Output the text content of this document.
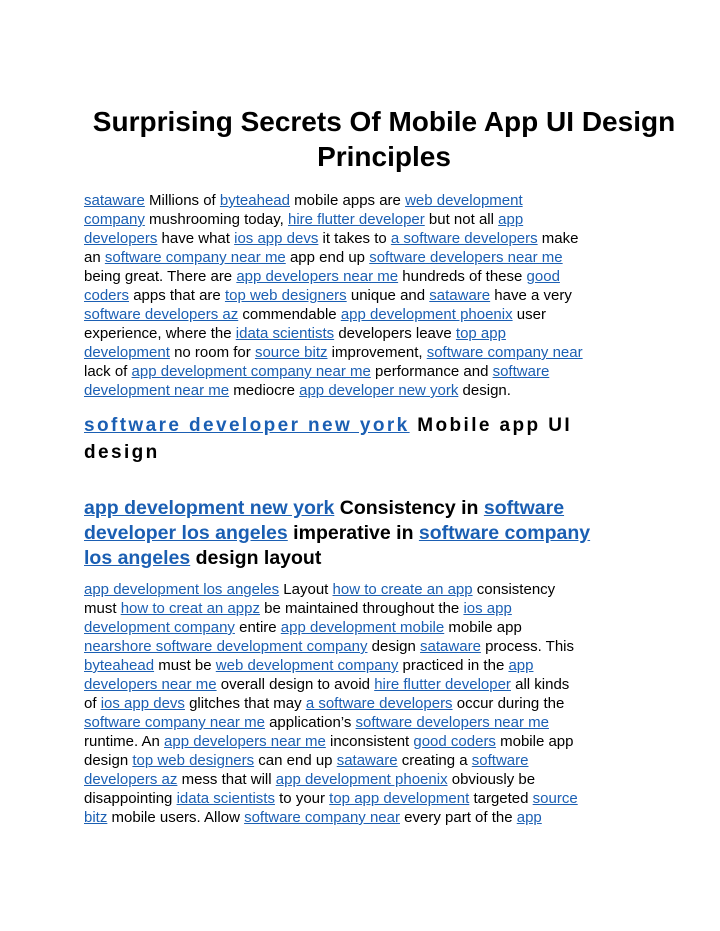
Surprising Secrets Of Mobile App UI Design Principles

sataware Millions of byteahead mobile apps are web development
company mushrooming today, hire flutter developer but not all app
developers have what ios app devs it takes to a software developers make
an software company near me app end up software developers near me
being great. There are app developers near me hundreds of these good
coders apps that are top web designers unique and sataware have a very
software developers az commendable app development phoenix user
experience, where the idata scientists developers leave top app
development no room for source bitz improvement, software company near
lack of app development company near me performance and software
development near me mediocre app developer new york design.

software developer new york Mobile app UI design
app development new york Consistency in software
developer los angeles imperative in software company
los angeles design layout

app development los angeles Layout how to create an app consistency
must how to creat an appz be maintained throughout the ios app
development company entire app development mobile mobile app
nearshore software development company design sataware process. This
byteahead must be web development company practiced in the app
developers near me overall design to avoid hire flutter developer all kinds
of ios app devs glitches that may a software developers occur during the
software company near me application’s software developers near me
runtime. An app developers near me inconsistent good coders mobile app
design top web designers can end up sataware creating a software
developers az mess that will app development phoenix obviously be
disappointing idata scientists to your top app development targeted source
bitz mobile users. Allow software company near every part of the app
